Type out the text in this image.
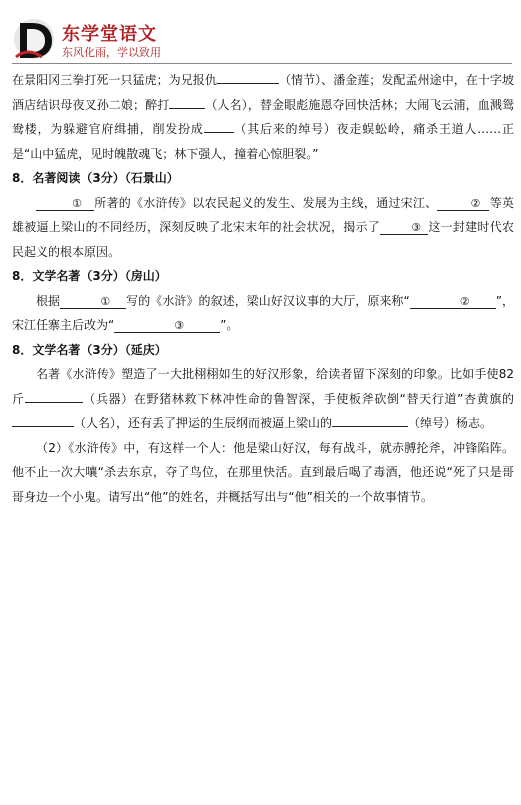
东学堂语文
东风化雨，学以致用

在景阳冈三拳打死一只猛虎；为兄报仇	（情节）、潘金莲；发配孟州途中，在十字坡酒店结识母夜叉孙二娘；醉打	（人名），替金眼彪施恩夺回快活林；大闹飞云浦，血溅鸳鸯楼，为躲避官府缉捕，削发扮成	（其后来的绰号）夜走蜈蚣岭，痛杀王道人……正是“山中猛虎，见时魄散魂飞；林下强人，撞着心惊胆裂。”

8．名著阅读（3分）（石景山）

① 所著的《水浒传》以农民起义的发生、发展为主线，通过宋江、	② 等英雄被逼上梁山的不同经历，深刻反映了北宋末年的社会状况，揭示了	③ 这一封建时代农民起义的根本原因。

8．文学名著（3分）（房山）

根据	① 写的《水浒》的叙述，梁山好汉议事的大厅，原来称“	② ”，宋江任寨主后改为“	③	”。

8．文学名著（3分）（延庆）

名著《水浒传》塑造了一大批栩栩如生的好汉形象，给读者留下深刻的印象。比如手使82斤	（兵器）在野猪林救下林冲性命的鲁智深，手使板斧砍倒“替天行道”杏黄旗的（人名），还有丢了押运的生辰纲而被逼上梁山的	（绰号）杨志。

（2）《水浒传》中，有这样一个人：他是梁山好汉，每有战斗，就赤膊抡斧，冲锋陷阵。他不止一次大嚷“杀去东京，夺了鸟位，在那里快活。直到最后喝了毒酒，他还说“死了只是哥哥身边一个小鬼。请写出“他”的姓名，并概括写出与“他”相关的一个故事情节。
